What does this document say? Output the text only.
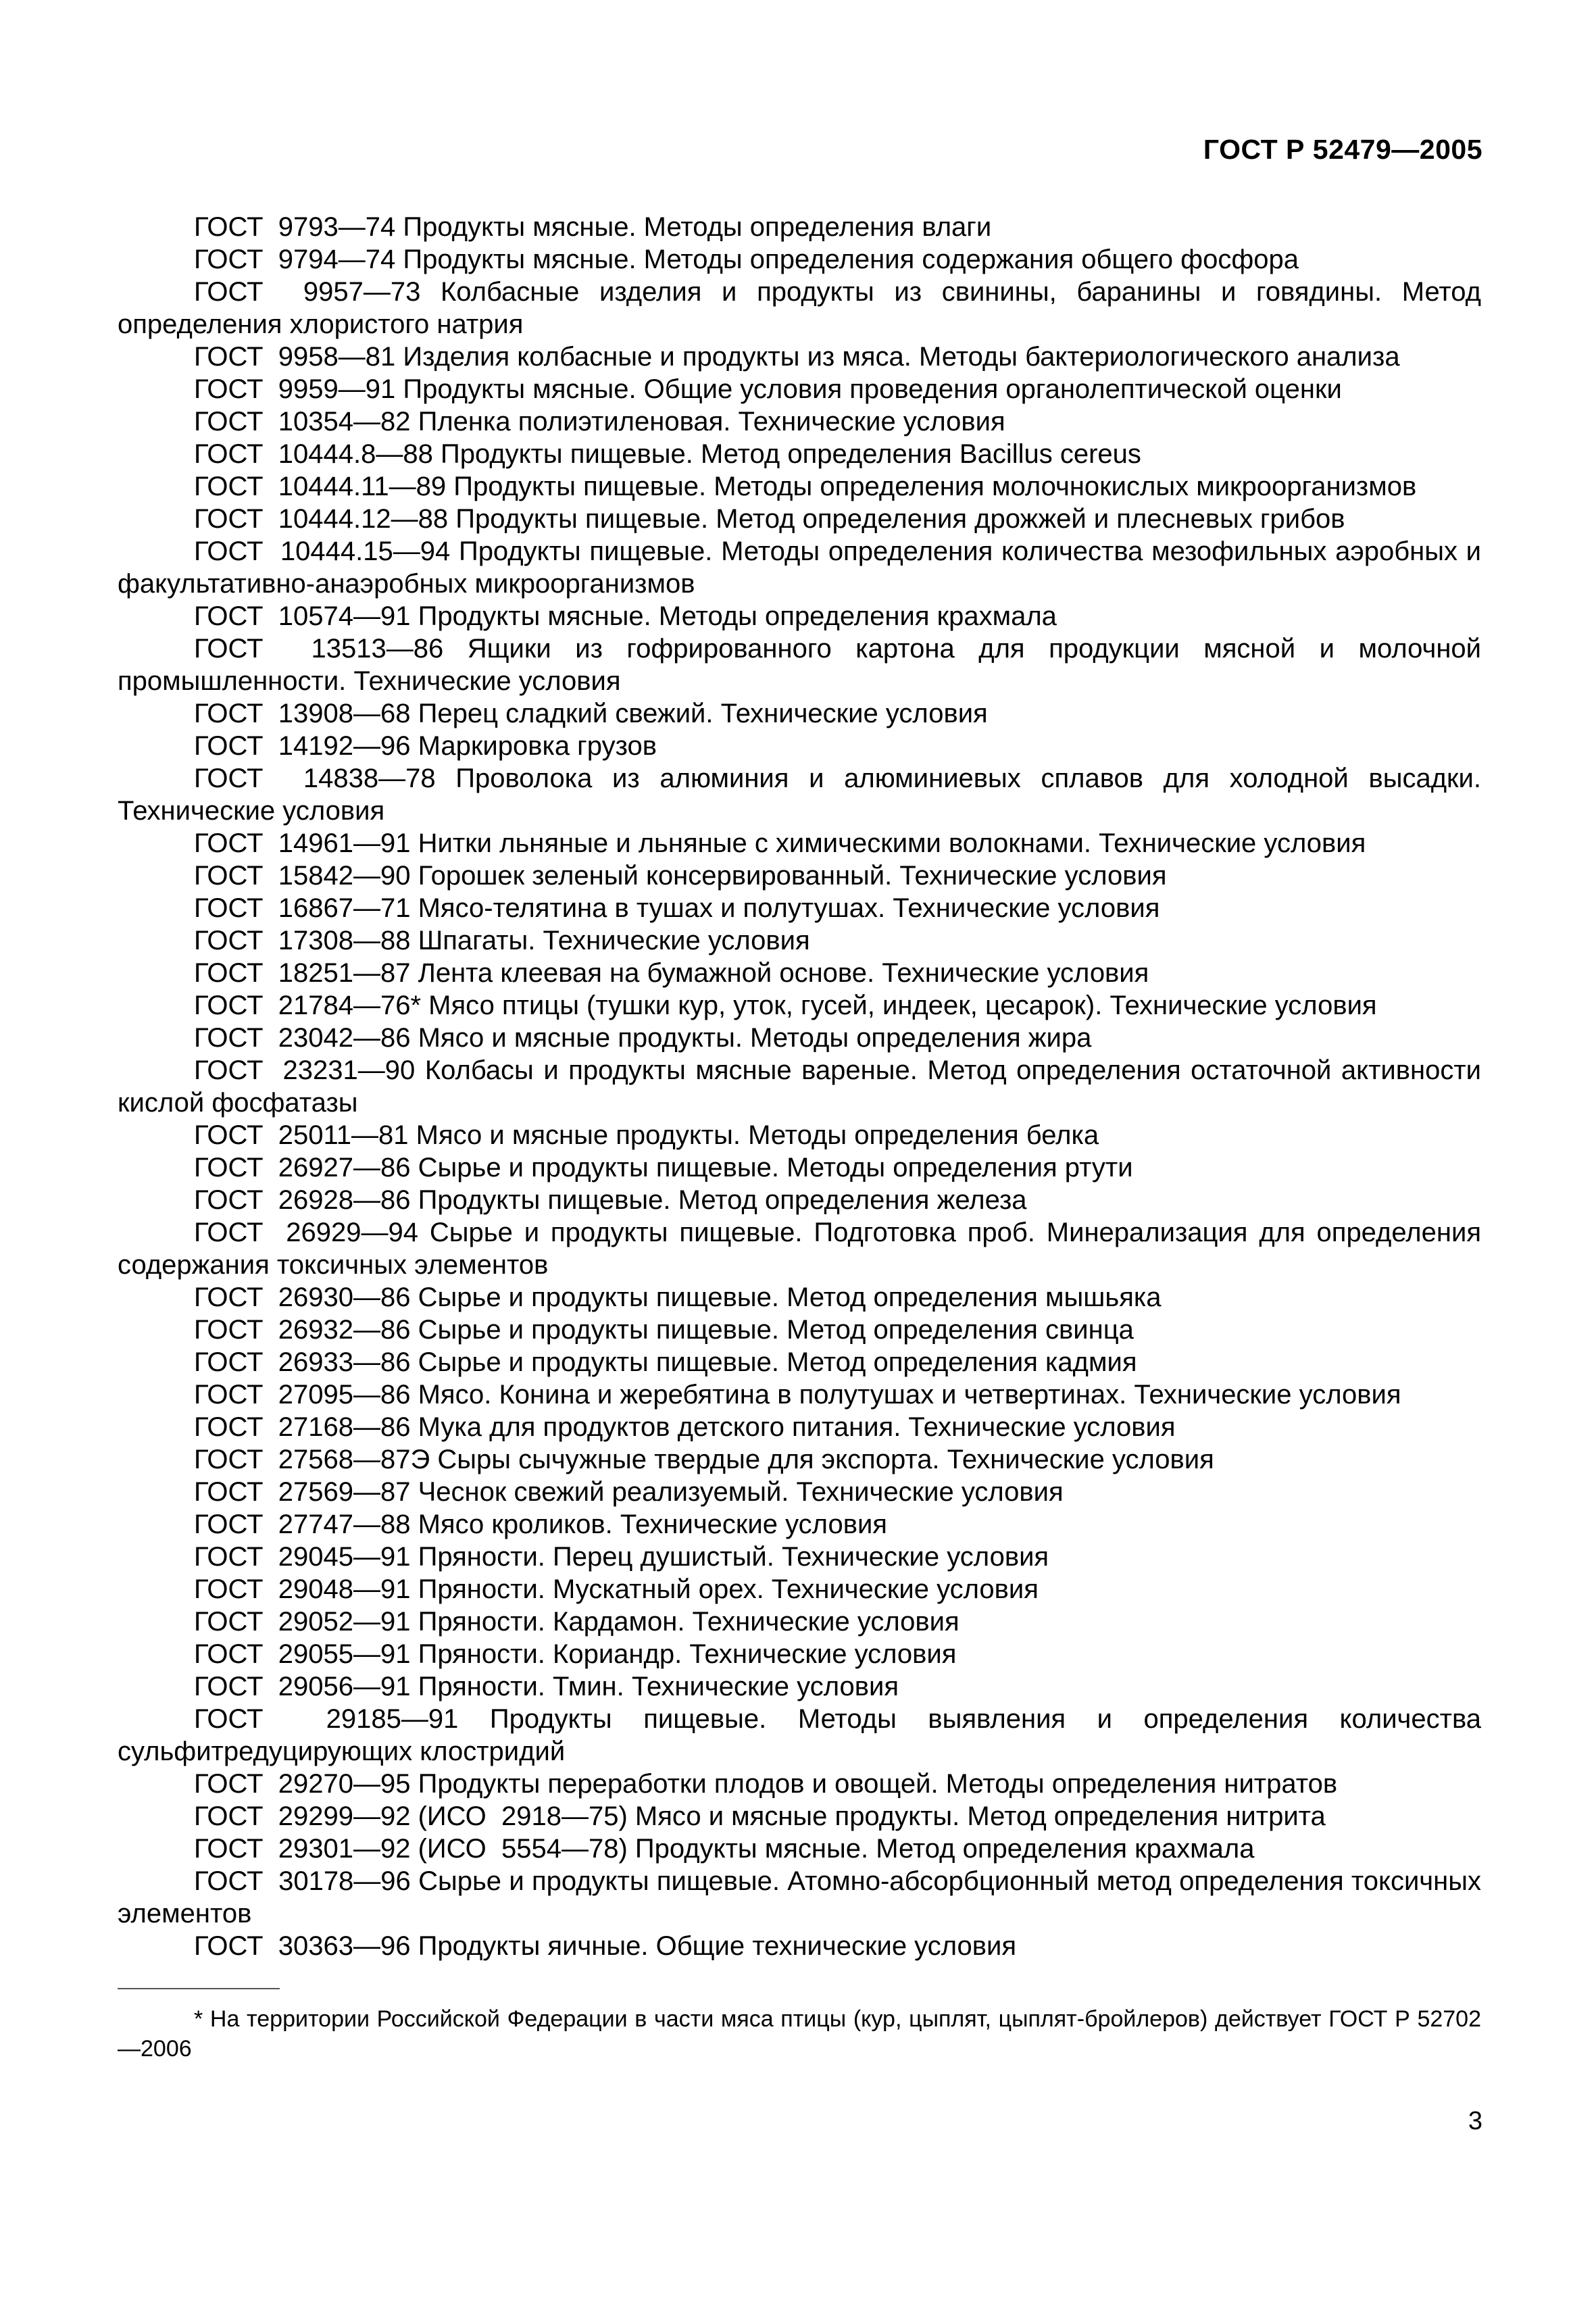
ГОСТ Р 52479—2005

ГОСТ  9793—74 Продукты мясные. Методы определения влаги

ГОСТ  9794—74 Продукты мясные. Методы определения содержания общего фосфора

ГОСТ  9957—73 Колбасные изделия и продукты из свинины, баранины и говядины. Метод определения хлористого натрия

ГОСТ  9958—81 Изделия колбасные и продукты из мяса. Методы бактериологического анализа

ГОСТ  9959—91 Продукты мясные. Общие условия проведения органолептической оценки

ГОСТ  10354—82 Пленка полиэтиленовая. Технические условия

ГОСТ  10444.8—88 Продукты пищевые. Метод определения Bacillus cereus

ГОСТ  10444.11—89 Продукты пищевые. Методы определения молочнокислых микроорганизмов

ГОСТ  10444.12—88 Продукты пищевые. Метод определения дрожжей и плесневых грибов

ГОСТ  10444.15—94 Продукты пищевые. Методы определения количества мезофильных аэробных и факультативно-анаэробных микроорганизмов

ГОСТ  10574—91 Продукты мясные. Методы определения крахмала

ГОСТ  13513—86 Ящики из гофрированного картона для продукции мясной и молочной промышленности. Технические условия

ГОСТ  13908—68 Перец сладкий свежий. Технические условия

ГОСТ  14192—96 Маркировка грузов

ГОСТ  14838—78 Проволока из алюминия и алюминиевых сплавов для холодной высадки. Технические условия

ГОСТ  14961—91 Нитки льняные и льняные с химическими волокнами. Технические условия

ГОСТ  15842—90 Горошек зеленый консервированный. Технические условия

ГОСТ  16867—71 Мясо-телятина в тушах и полутушах. Технические условия

ГОСТ  17308—88 Шпагаты. Технические условия

ГОСТ  18251—87 Лента клеевая на бумажной основе. Технические условия

ГОСТ  21784—76* Мясо птицы (тушки кур, уток, гусей, индеек, цесарок). Технические условия

ГОСТ  23042—86 Мясо и мясные продукты. Методы определения жира

ГОСТ  23231—90 Колбасы и продукты мясные вареные. Метод определения остаточной активности кислой фосфатазы

ГОСТ  25011—81 Мясо и мясные продукты. Методы определения белка

ГОСТ  26927—86 Сырье и продукты пищевые. Методы определения ртути

ГОСТ  26928—86 Продукты пищевые. Метод определения железа

ГОСТ  26929—94 Сырье и продукты пищевые. Подготовка проб. Минерализация для определения содержания токсичных элементов

ГОСТ  26930—86 Сырье и продукты пищевые. Метод определения мышьяка

ГОСТ  26932—86 Сырье и продукты пищевые. Метод определения свинца

ГОСТ  26933—86 Сырье и продукты пищевые. Метод определения кадмия

ГОСТ  27095—86 Мясо. Конина и жеребятина в полутушах и четвертинах. Технические условия

ГОСТ  27168—86 Мука для продуктов детского питания. Технические условия

ГОСТ  27568—87Э Сыры сычужные твердые для экспорта. Технические условия

ГОСТ  27569—87 Чеснок свежий реализуемый. Технические условия

ГОСТ  27747—88 Мясо кроликов. Технические условия

ГОСТ  29045—91 Пряности. Перец душистый. Технические условия

ГОСТ  29048—91 Пряности. Мускатный орех. Технические условия

ГОСТ  29052—91 Пряности. Кардамон. Технические условия

ГОСТ  29055—91 Пряности. Кориандр. Технические условия

ГОСТ  29056—91 Пряности. Тмин. Технические условия

ГОСТ  29185—91 Продукты пищевые. Методы выявления и определения количества сульфитредуцирующих клостридий

ГОСТ  29270—95 Продукты переработки плодов и овощей. Методы определения нитратов

ГОСТ  29299—92 (ИСО  2918—75) Мясо и мясные продукты. Метод определения нитрита

ГОСТ  29301—92 (ИСО  5554—78) Продукты мясные. Метод определения крахмала

ГОСТ  30178—96 Сырье и продукты пищевые. Атомно-абсорбционный метод определения токсичных элементов

ГОСТ  30363—96 Продукты яичные. Общие технические условия

* На территории Российской Федерации в части мяса птицы (кур, цыплят, цыплят-бройлеров) действует ГОСТ Р 52702—2006
3
